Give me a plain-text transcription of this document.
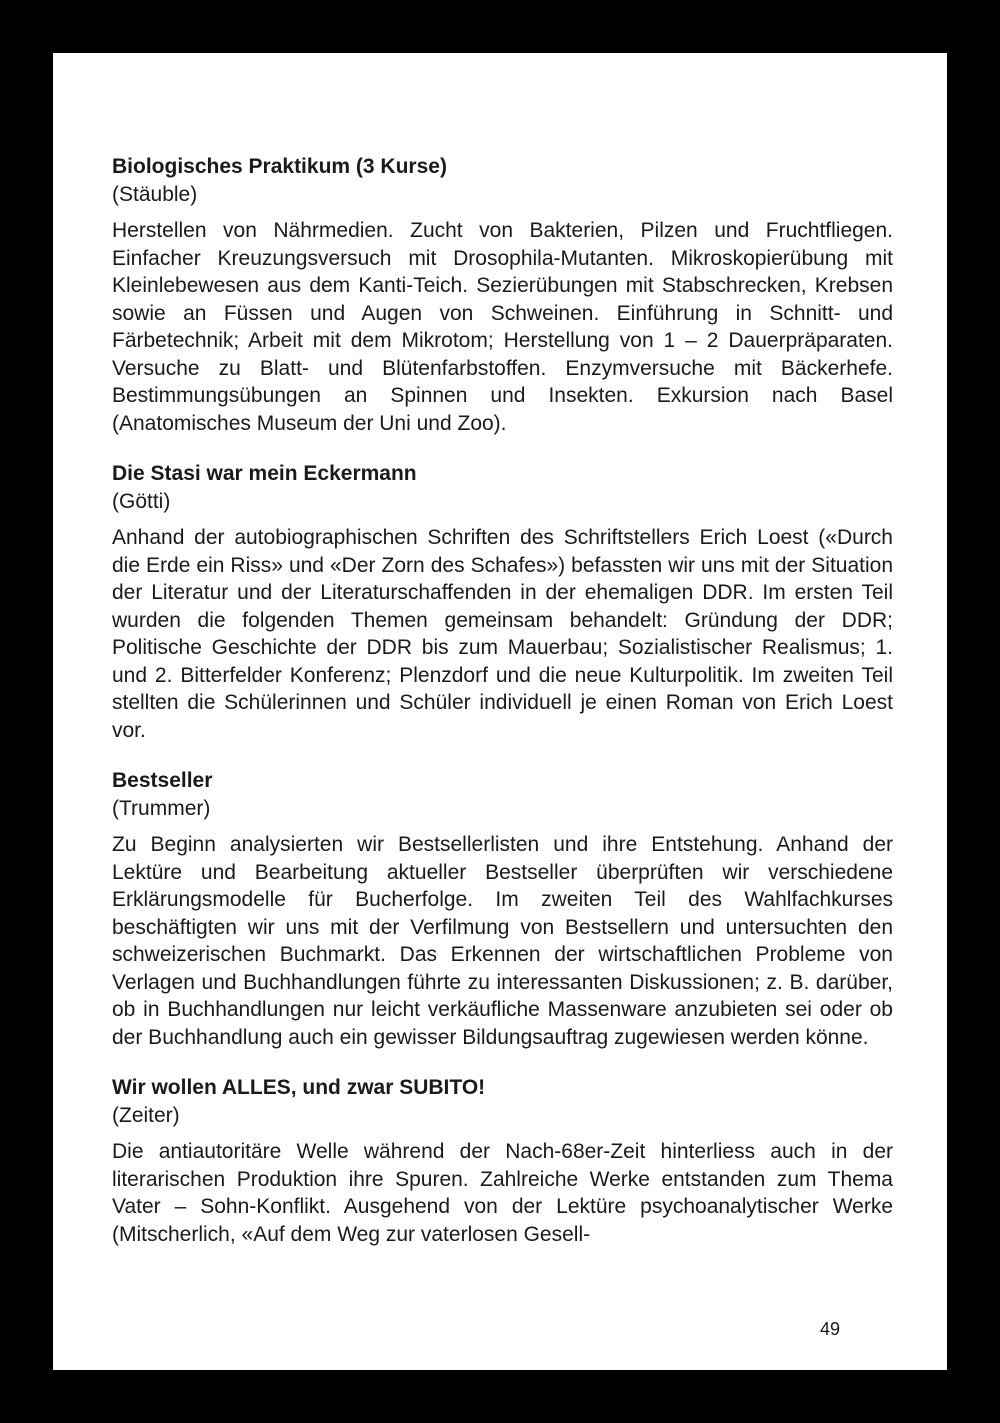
Biologisches Praktikum (3 Kurse)

(Stäuble)

Herstellen von Nährmedien. Zucht von Bakterien, Pilzen und Fruchtfliegen. Einfacher Kreuzungsversuch mit Drosophila-Mutanten. Mikroskopierübung mit Kleinlebewesen aus dem Kanti-Teich. Sezierübungen mit Stabschrecken, Krebsen sowie an Füssen und Augen von Schweinen. Einführung in Schnitt- und Färbetechnik; Arbeit mit dem Mikrotom; Herstellung von 1 – 2 Dauerpräparaten. Versuche zu Blatt- und Blütenfarbstoffen. Enzymversuche mit Bäckerhefe. Bestimmungsübungen an Spinnen und Insekten. Exkursion nach Basel (Anatomisches Museum der Uni und Zoo).

Die Stasi war mein Eckermann

(Götti)

Anhand der autobiographischen Schriften des Schriftstellers Erich Loest («Durch die Erde ein Riss» und «Der Zorn des Schafes») befassten wir uns mit der Situation der Literatur und der Literaturschaffenden in der ehemaligen DDR. Im ersten Teil wurden die folgenden Themen gemeinsam behandelt: Gründung der DDR; Politische Geschichte der DDR bis zum Mauerbau; Sozialistischer Realismus; 1. und 2. Bitterfelder Konferenz; Plenzdorf und die neue Kulturpolitik. Im zweiten Teil stellten die Schülerinnen und Schüler individuell je einen Roman von Erich Loest vor.

Bestseller

(Trummer)

Zu Beginn analysierten wir Bestsellerlisten und ihre Entstehung. Anhand der Lektüre und Bearbeitung aktueller Bestseller überprüften wir verschiedene Erklärungsmodelle für Bucherfolge. Im zweiten Teil des Wahlfachkurses beschäftigten wir uns mit der Verfilmung von Bestsellern und untersuchten den schweizerischen Buchmarkt. Das Erkennen der wirtschaftlichen Probleme von Verlagen und Buchhandlungen führte zu interessanten Diskussionen; z. B. darüber, ob in Buchhandlungen nur leicht verkäufliche Massenware anzubieten sei oder ob der Buchhandlung auch ein gewisser Bildungsauftrag zugewiesen werden könne.

Wir wollen ALLES, und zwar SUBITO!

(Zeiter)

Die antiautoritäre Welle während der Nach-68er-Zeit hinterliess auch in der literarischen Produktion ihre Spuren. Zahlreiche Werke entstanden zum Thema Vater – Sohn-Konflikt. Ausgehend von der Lektüre psychoanalytischer Werke (Mitscherlich, «Auf dem Weg zur vaterlosen Gesell-

49
